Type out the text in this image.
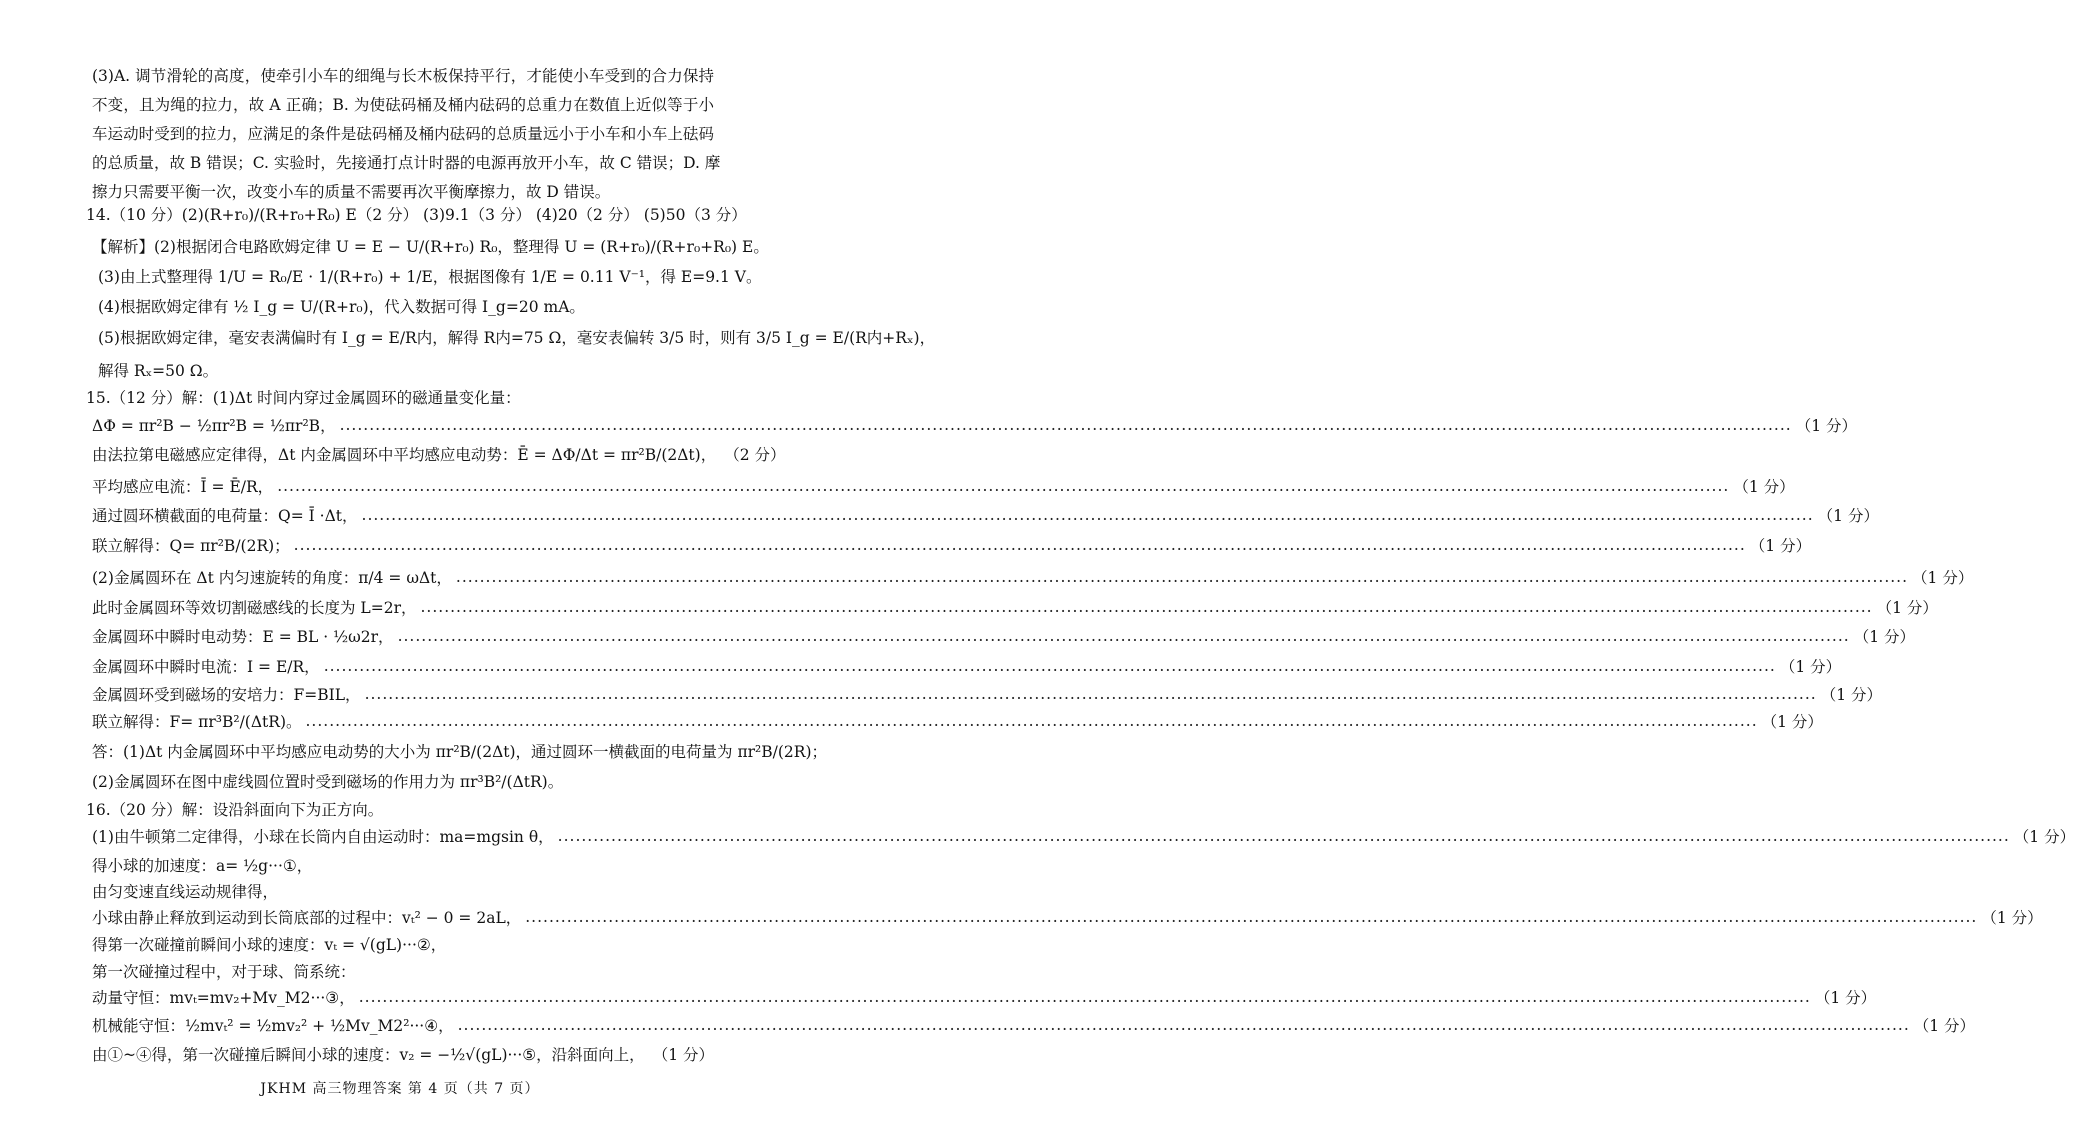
(3)A. 调节滑轮的高度，使牵引小车的细绳与长木板保持平行，才能使小车受到的合力保持
不变，且为绳的拉力，故 A 正确；B. 为使砝码桶及桶内砝码的总重力在数值上近似等于小
车运动时受到的拉力，应满足的条件是砝码桶及桶内砝码的总质量远小于小车和小车上砝码
的总质量，故 B 错误；C. 实验时，先接通打点计时器的电源再放开小车，故 C 错误；D. 摩
擦力只需要平衡一次，改变小车的质量不需要再次平衡摩擦力，故 D 错误。
14.（10 分）(2)(R+r₀)/(R+r₀+R₀) E（2 分） (3)9.1（3 分） (4)20（2 分） (5)50（3 分）
【解析】(2)根据闭合电路欧姆定律 U = E − U/(R+r₀) R₀，整理得 U = (R+r₀)/(R+r₀+R₀) E。
(3)由上式整理得 1/U = R₀/E · 1/(R+r₀) + 1/E，根据图像有 1/E = 0.11 V⁻¹，得 E=9.1 V。
(4)根据欧姆定律有 ½ I_g = U/(R+r₀)，代入数据可得 I_g=20 mA。
(5)根据欧姆定律，毫安表满偏时有 I_g = E/R内，解得 R内=75 Ω，毫安表偏转 3/5 时，则有 3/5 I_g = E/(R内+Rₓ)，
解得 Rₓ=50 Ω。
15.（12 分）解：(1)Δt 时间内穿过金属圆环的磁通量变化量：
ΔΦ = πr²B − ½πr²B = ½πr²B， .....	（1 分）
由法拉第电磁感应定律得，Δt 内金属圆环中平均感应电动势：Ē = ΔΦ/Δt = πr²B/(2Δt)， （2 分）
平均感应电流：Ī = Ē/R， .....	（1 分）
通过圆环横截面的电荷量：Q= Ī ·Δt， .....	（1 分）
联立解得：Q= πr²B/(2R)； .....	（1 分）
(2)金属圆环在 Δt 内匀速旋转的角度：π/4 = ωΔt， .....	（1 分）
此时金属圆环等效切割磁感线的长度为 L=2r， .....	（1 分）
金属圆环中瞬时电动势：E = BL · ½ω2r， .....	（1 分）
金属圆环中瞬时电流：I = E/R， .....	（1 分）
金属圆环受到磁场的安培力：F=BIL， .....	（1 分）
联立解得：F= πr³B²/(ΔtR)。 .....	（1 分）
答：(1)Δt 内金属圆环中平均感应电动势的大小为 πr²B/(2Δt)，通过圆环一横截面的电荷量为 πr²B/(2R)；
(2)金属圆环在图中虚线圆位置时受到磁场的作用力为 πr³B²/(ΔtR)。
16.（20 分）解：设沿斜面向下为正方向。
(1)由牛顿第二定律得，小球在长筒内自由运动时：ma=mgsin θ， .....	（1 分）
得小球的加速度：a= ½g···①，
由匀变速直线运动规律得，
小球由静止释放到运动到长筒底部的过程中：vₜ² − 0 = 2aL， .....	（1 分）
得第一次碰撞前瞬间小球的速度：vₜ = √(gL)···②，
第一次碰撞过程中，对于球、筒系统：
动量守恒：mvₜ=mv₂+Mv_M2···③， .....	（1 分）
机械能守恒：½mvₜ² = ½mv₂² + ½Mv_M2²···④， .....	（1 分）
由①~④得，第一次碰撞后瞬间小球的速度：v₂ = −½√(gL)···⑤，沿斜面向上， （1 分）
JKHM 高三物理答案 第 4 页（共 7 页）
